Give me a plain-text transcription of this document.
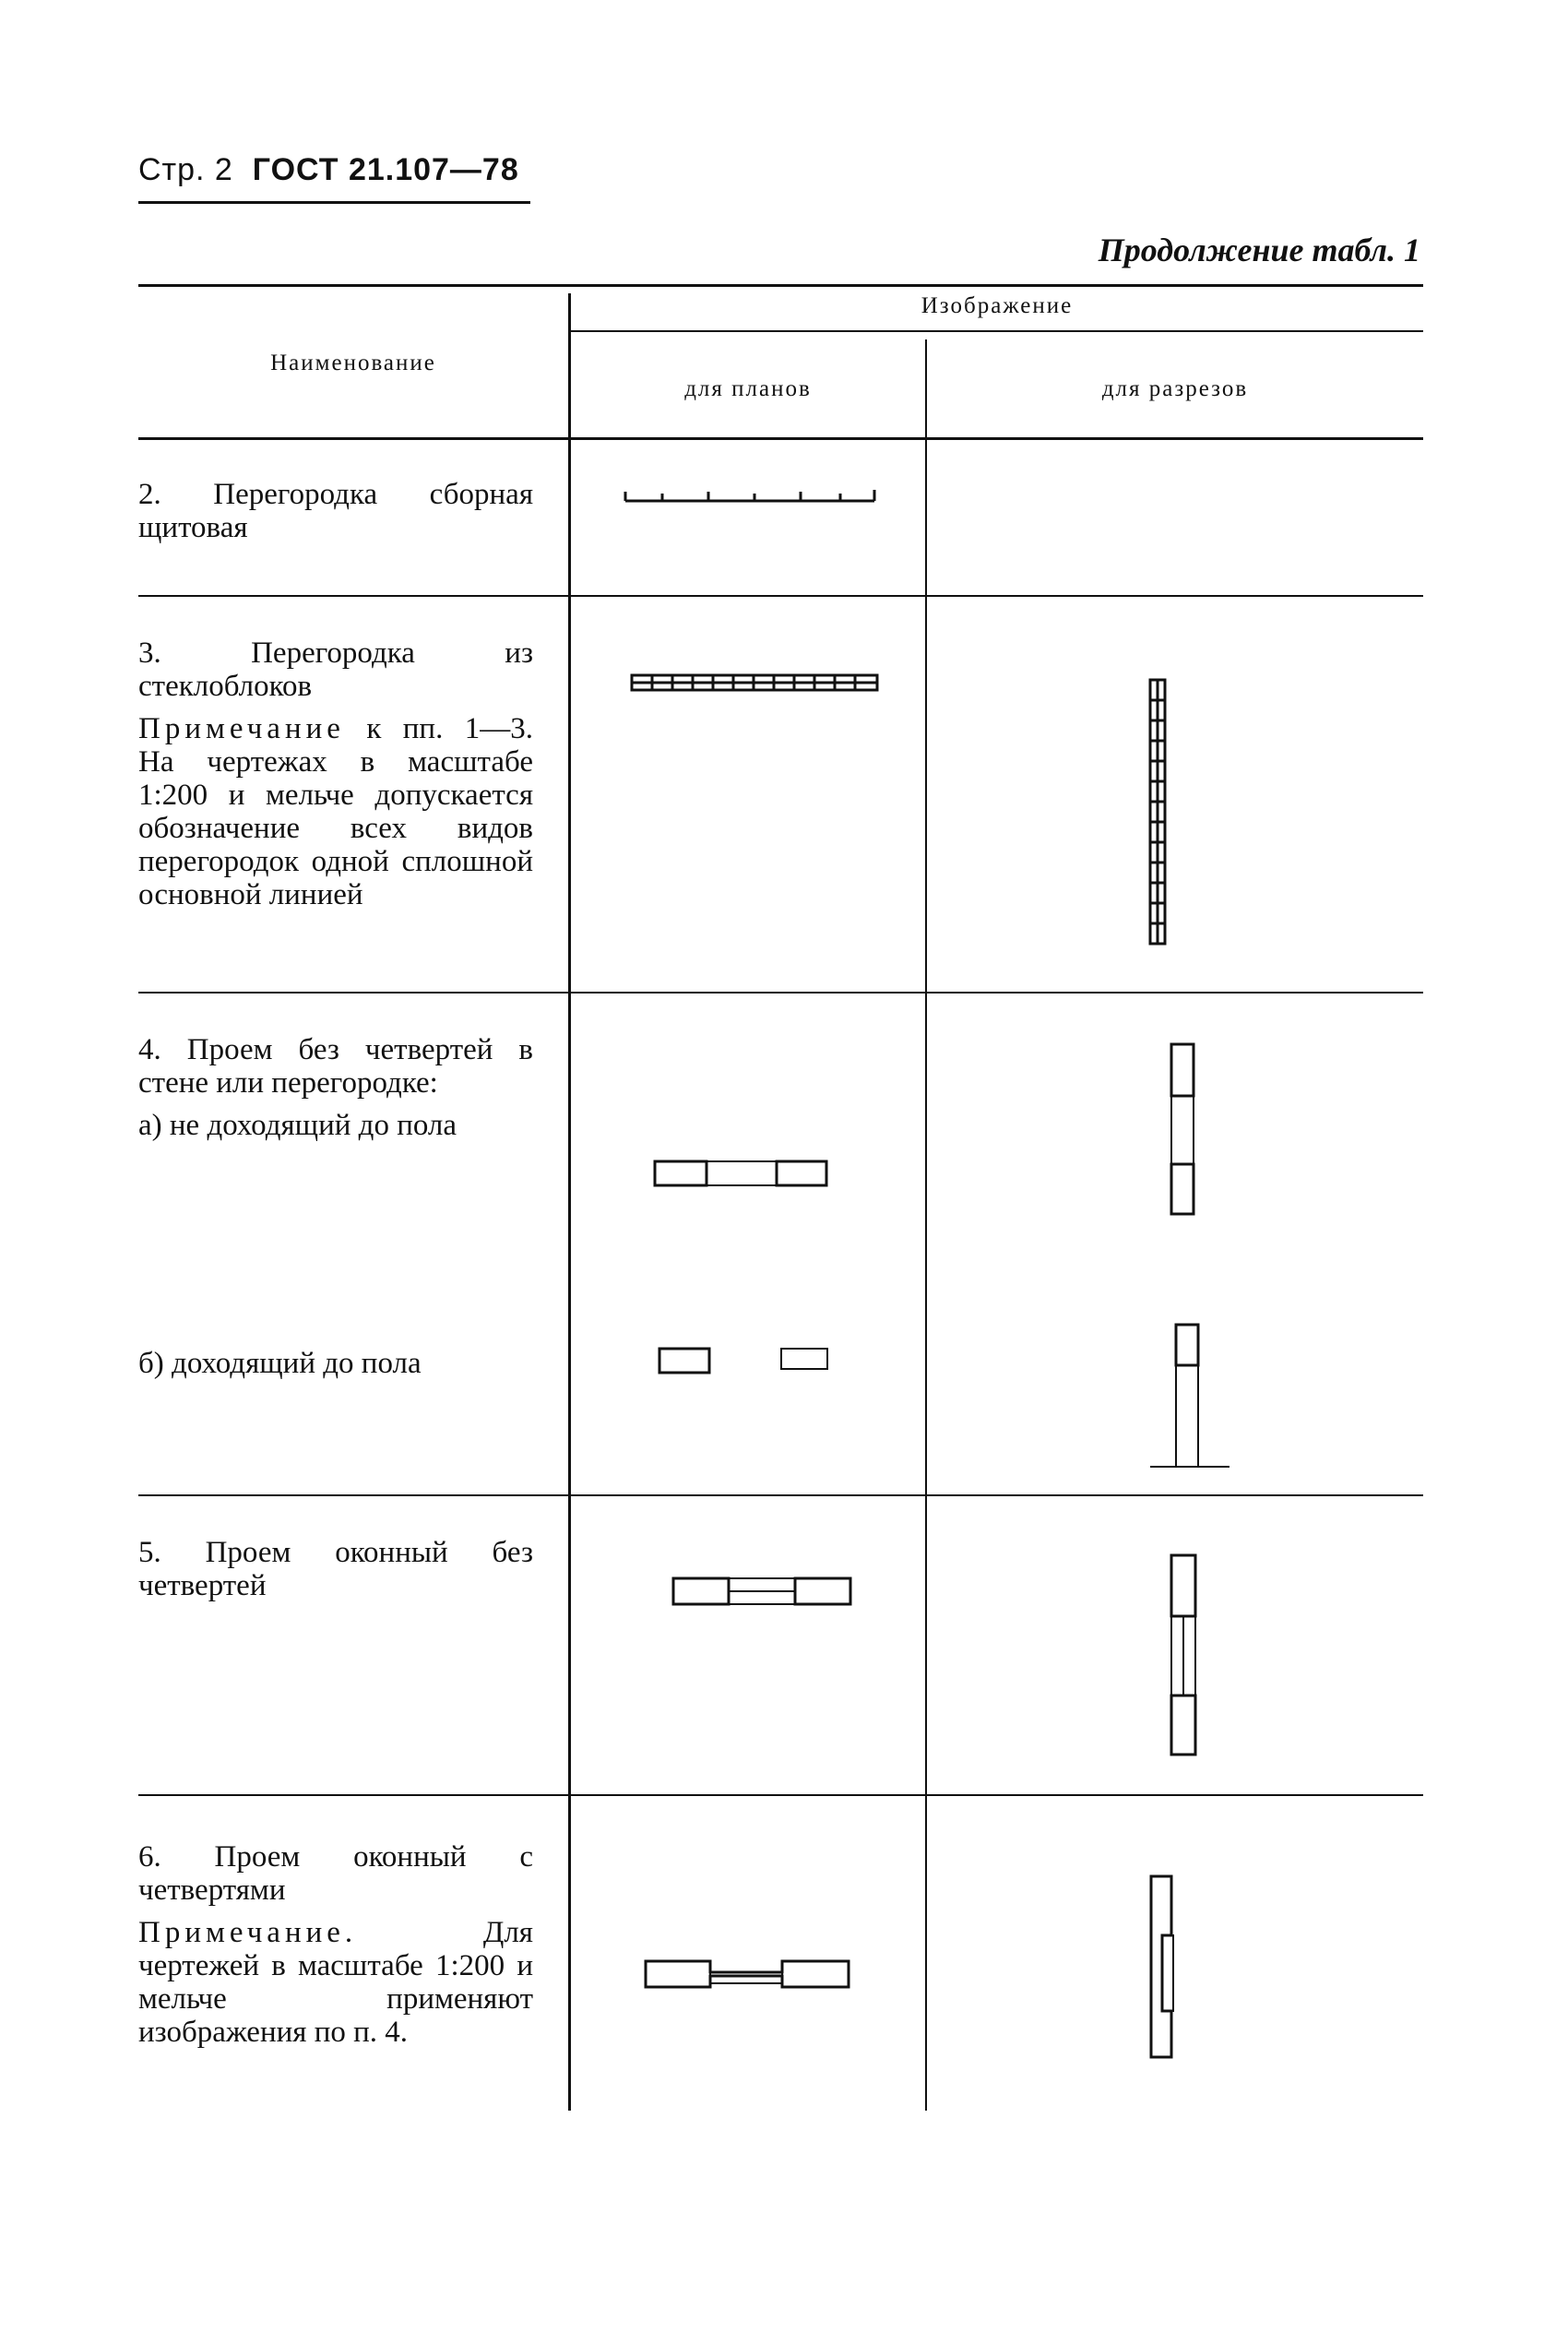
Стр. 2 ГОСТ 21.107—78
Продолжение табл. 1
Наименование
Изображение
для планов	для разрезов

2. Перегородка сборная щитовая

3. Перегородка из стеклоблоков

Примечание к пп. 1—3. На чертежах в масштабе 1:200 и мельче допускается обозначение всех видов перегородок одной сплошной основной линией

4. Проем без четвертей в стене или перегородке:

а) не доходящий до пола

б) доходящий до пола

5. Проем оконный без четвертей

6. Проем оконный с четвертями

Примечание.	Для чертежей в масштабе 1:200 и мельче применяют изображения по п. 4.
